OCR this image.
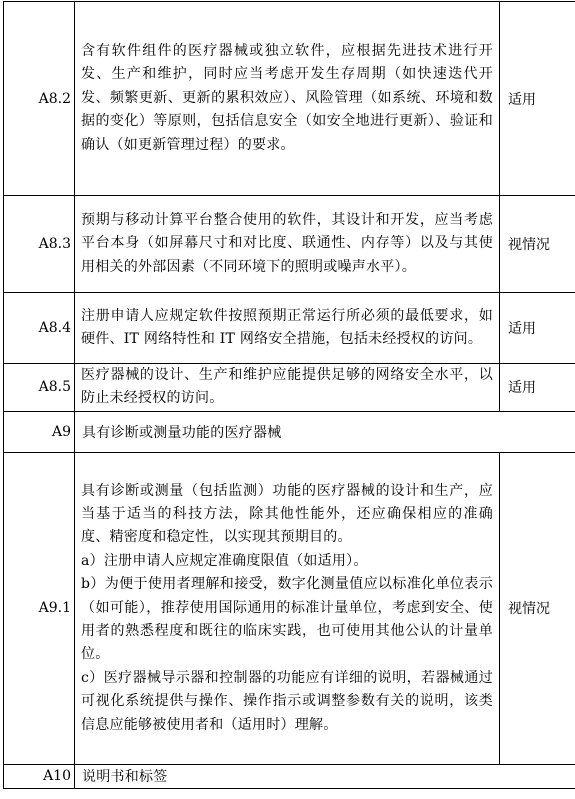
A8.2	含有软件组件的医疗器械或独立软件，应根据先进技术进行开发、生产和维护，同时应当考虑开发生存周期（如快速迭代开发、频繁更新、更新的累积效应）、风险管理（如系统、环境和数据的变化）等原则，包括信息安全（如安全地进行更新）、验证和确认（如更新管理过程）的要求。	适用
A8.3	预期与移动计算平台整合使用的软件，其设计和开发，应当考虑平台本身（如屏幕尺寸和对比度、联通性、内存等）以及与其使用相关的外部因素（不同环境下的照明或噪声水平）。	视情况
A8.4	注册申请人应规定软件按照预期正常运行所必须的最低要求，如硬件、IT 网络特性和 IT 网络安全措施，包括未经授权的访问。	适用
A8.5	医疗器械的设计、生产和维护应能提供足够的网络安全水平，以防止未经授权的访问。	适用
A9	具有诊断或测量功能的医疗器械	
A9.1	具有诊断或测量（包括监测）功能的医疗器械的设计和生产，应当基于适当的科技方法，除其他性能外，还应确保相应的准确度、精密度和稳定性，以实现其预期目的。
a）注册申请人应规定准确度限值（如适用）。
b）为便于使用者理解和接受，数字化测量值应以标准化单位表示（如可能），推荐使用国际通用的标准计量单位，考虑到安全、使用者的熟悉程度和既往的临床实践，也可使用其他公认的计量单位。
c）医疗器械导示器和控制器的功能应有详细的说明，若器械通过可视化系统提供与操作、操作指示或调整参数有关的说明，该类信息应能够被使用者和（适用时）理解。	视情况
A10	说明书和标签	
